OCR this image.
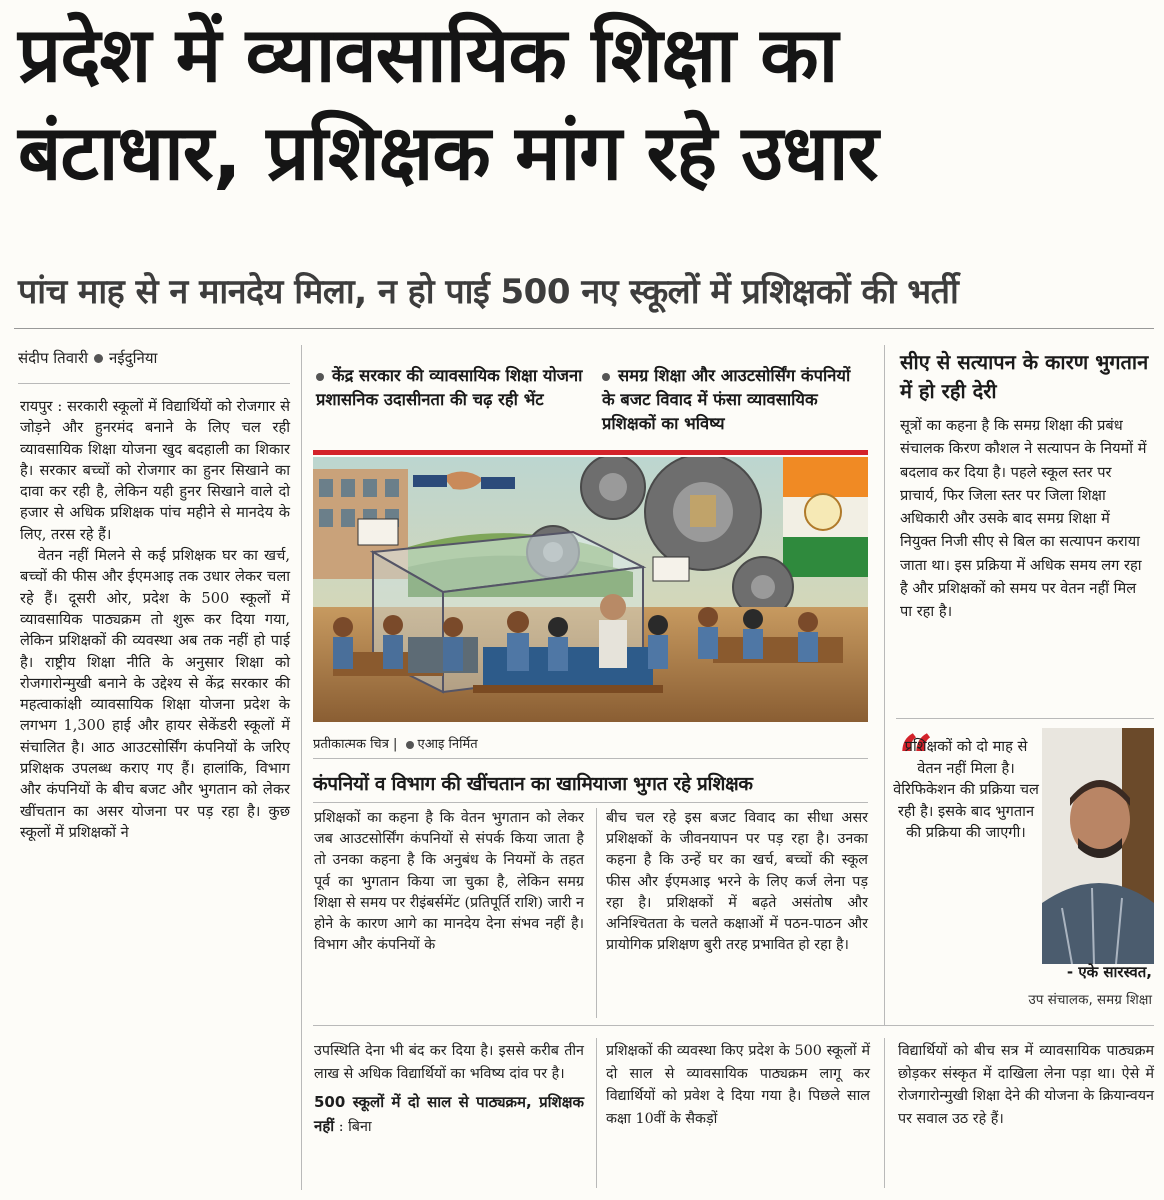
प्रदेश में व्यावसायिक शिक्षा का
बंटाधार, प्रशिक्षक मांग रहे उधार
पांच माह से न मानदेय मिला, न हो पाई 500 नए स्कूलों में प्रशिक्षकों की भर्ती
संदीप तिवारी नईदुनिया

रायपुर : सरकारी स्कूलों में विद्यार्थियों को रोजगार से जोड़ने और हुनरमंद बनाने के लिए चल रही व्यावसायिक शिक्षा योजना खुद बदहाली का शिकार है। सरकार बच्चों को रोजगार का हुनर सिखाने का दावा कर रही है, लेकिन यही हुनर सिखाने वाले दो हजार से अधिक प्रशिक्षक पांच महीने से मानदेय के लिए, तरस रहे हैं।

वेतन नहीं मिलने से कई प्रशिक्षक घर का खर्च, बच्चों की फीस और ईएमआइ तक उधार लेकर चला रहे हैं। दूसरी ओर, प्रदेश के 500 स्कूलों में व्यावसायिक पाठ्यक्रम तो शुरू कर दिया गया, लेकिन प्रशिक्षकों की व्यवस्था अब तक नहीं हो पाई है। राष्ट्रीय शिक्षा नीति के अनुसार शिक्षा को रोजगारोन्मुखी बनाने के उद्देश्य से केंद्र सरकार की महत्वाकांक्षी व्यावसायिक शिक्षा योजना प्रदेश के लगभग 1,300 हाई और हायर सेकेंडरी स्कूलों में संचालित है। आठ आउटसोर्सिंग कंपनियों के जरिए प्रशिक्षक उपलब्ध कराए गए हैं। हालांकि, विभाग और कंपनियों के बीच बजट और भुगतान को लेकर खींचतान का असर योजना पर पड़ रहा है। कुछ स्कूलों में प्रशिक्षकों ने

केंद्र सरकार की व्यावसायिक शिक्षा योजना प्रशासनिक उदासीनता की चढ़ रही भेंट
समग्र शिक्षा और आउटसोर्सिंग कंपनियों के बजट विवाद में फंसा व्यावसायिक प्रशिक्षकों का भविष्य
प्रतीकात्मक चित्र | एआइ निर्मित
कंपनियों व विभाग की खींचतान का खामियाजा भुगत रहे प्रशिक्षक
प्रशिक्षकों का कहना है कि वेतन भुगतान को लेकर जब आउटसोर्सिंग कंपनियों से संपर्क किया जाता है तो उनका कहना है कि अनुबंध के नियमों के तहत पूर्व का भुगतान किया जा चुका है, लेकिन समग्र शिक्षा से समय पर रीइंबर्समेंट (प्रतिपूर्ति राशि) जारी न होने के कारण आगे का मानदेय देना संभव नहीं है। विभाग और कंपनियों के
बीच चल रहे इस बजट विवाद का सीधा असर प्रशिक्षकों के जीवनयापन पर पड़ रहा है। उनका कहना है कि उन्हें घर का खर्च, बच्चों की स्कूल फीस और ईएमआइ भरने के लिए कर्ज लेना पड़ रहा है। प्रशिक्षकों में बढ़ते असंतोष और अनिश्चितता के चलते कक्षाओं में पठन-पाठन और प्रायोगिक प्रशिक्षण बुरी तरह प्रभावित हो रहा है।
सीए से सत्यापन के कारण भुगतान में हो रही देरी
सूत्रों का कहना है कि समग्र शिक्षा की प्रबंध संचालक किरण कौशल ने सत्यापन के नियमों में बदलाव कर दिया है। पहले स्कूल स्तर पर प्राचार्य, फिर जिला स्तर पर जिला शिक्षा अधिकारी और उसके बाद समग्र शिक्षा में नियुक्त निजी सीए से बिल का सत्यापन कराया जाता था। इस प्रक्रिया में अधिक समय लग रहा है और प्रशिक्षकों को समय पर वेतन नहीं मिल पा रहा है।
“
प्रशिक्षकों को दो माह से वेतन नहीं मिला है। वेरिफिकेशन की प्रक्रिया चल रही है। इसके बाद भुगतान की प्रक्रिया की जाएगी।
- एके सारस्वत,
उप संचालक, समग्र शिक्षा
उपस्थिति देना भी बंद कर दिया है। इससे करीब तीन लाख से अधिक विद्यार्थियों का भविष्य दांव पर है।
500 स्कूलों में दो साल से पाठ्यक्रम, प्रशिक्षक नहीं : बिना
प्रशिक्षकों की व्यवस्था किए प्रदेश के 500 स्कूलों में दो साल से व्यावसायिक पाठ्यक्रम लागू कर विद्यार्थियों को प्रवेश दे दिया गया है। पिछले साल कक्षा 10वीं के सैकड़ों
विद्यार्थियों को बीच सत्र में व्यावसायिक पाठ्यक्रम छोड़कर संस्कृत में दाखिला लेना पड़ा था। ऐसे में रोजगारोन्मुखी शिक्षा देने की योजना के क्रियान्वयन पर सवाल उठ रहे हैं।
